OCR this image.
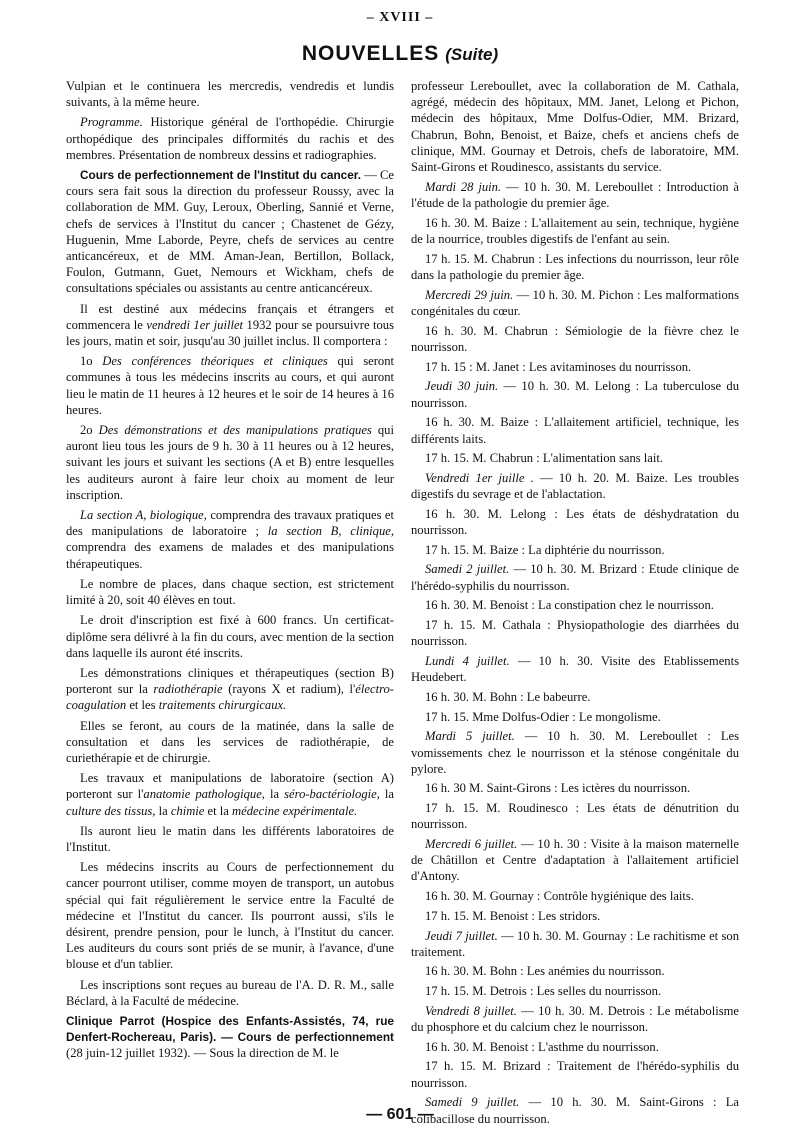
– XVIII –
NOUVELLES (Suite)

Vulpian et le continuera les mercredis, vendredis et lundis suivants, à la même heure.

Programme. Historique général de l'orthopédie. Chirurgie orthopédique des principales difformités du rachis et des membres. Présentation de nombreux dessins et radiographies.

Cours de perfectionnement de l'Institut du cancer. — Ce cours sera fait sous la direction du professeur Roussy, avec la collaboration de MM. Guy, Leroux, Oberling, Sannié et Verne, chefs de services à l'Institut du cancer ; Chastenet de Gézy, Huguenin, Mme Laborde, Peyre, chefs de services au centre anticancéreux, et de MM. Aman-Jean, Bertillon, Bollack, Foulon, Gutmann, Guet, Nemours et Wickham, chefs de consultations spéciales ou assistants au centre anticancéreux.

Il est destiné aux médecins français et étrangers et commencera le vendredi 1er juillet 1932 pour se poursuivre tous les jours, matin et soir, jusqu'au 30 juillet inclus. Il comportera :

1o Des conférences théoriques et cliniques qui seront communes à tous les médecins inscrits au cours, et qui auront lieu le matin de 11 heures à 12 heures et le soir de 14 heures à 16 heures.

2o Des démonstrations et des manipulations pratiques qui auront lieu tous les jours de 9 h. 30 à 11 heures ou à 12 heures, suivant les jours et suivant les sections (A et B) entre lesquelles les auditeurs auront à faire leur choix au moment de leur inscription.

La section A, biologique, comprendra des travaux pratiques et des manipulations de laboratoire ; la section B, clinique, comprendra des examens de malades et des manipulations thérapeutiques.

Le nombre de places, dans chaque section, est strictement limité à 20, soit 40 élèves en tout.

Le droit d'inscription est fixé à 600 francs. Un certificat-diplôme sera délivré à la fin du cours, avec mention de la section dans laquelle ils auront été inscrits.

Les démonstrations cliniques et thérapeutiques (section B) porteront sur la radiothérapie (rayons X et radium), l'électro-coagulation et les traitements chirurgicaux.

Elles se feront, au cours de la matinée, dans la salle de consultation et dans les services de radiothérapie, de curiethérapie et de chirurgie.

Les travaux et manipulations de laboratoire (section A) porteront sur l'anatomie pathologique, la séro-bactériologie, la culture des tissus, la chimie et la médecine expérimentale.

Ils auront lieu le matin dans les différents laboratoires de l'Institut.

Les médecins inscrits au Cours de perfectionnement du cancer pourront utiliser, comme moyen de transport, un autobus spécial qui fait régulièrement le service entre la Faculté de médecine et l'Institut du cancer. Ils pourront aussi, s'ils le désirent, prendre pension, pour le lunch, à l'Institut du cancer. Les auditeurs du cours sont priés de se munir, à l'avance, d'une blouse et d'un tablier.

Les inscriptions sont reçues au bureau de l'A. D. R. M., salle Béclard, à la Faculté de médecine.

Clinique Parrot (Hospice des Enfants-Assistés, 74, rue Denfert-Rochereau, Paris). — Cours de perfectionnement (28 juin-12 juillet 1932). — Sous la direction de M. le

professeur Lereboullet, avec la collaboration de M. Cathala, agrégé, médecin des hôpitaux, MM. Janet, Lelong et Pichon, médecin des hôpitaux, Mme Dolfus-Odier, MM. Brizard, Chabrun, Bohn, Benoist, et Baize, chefs et anciens chefs de clinique, MM. Gournay et Detrois, chefs de laboratoire, MM. Saint-Girons et Roudinesco, assistants du service.

Mardi 28 juin. — 10 h. 30. M. Lereboullet : Introduction à l'étude de la pathologie du premier âge.

16 h. 30. M. Baize : L'allaitement au sein, technique, hygiène de la nourrice, troubles digestifs de l'enfant au sein.

17 h. 15. M. Chabrun : Les infections du nourrisson, leur rôle dans la pathologie du premier âge.

Mercredi 29 juin. — 10 h. 30. M. Pichon : Les malformations congénitales du cœur.

16 h. 30. M. Chabrun : Sémiologie de la fièvre chez le nourrisson.

17 h. 15 : M. Janet : Les avitaminoses du nourrisson.

Jeudi 30 juin. — 10 h. 30. M. Lelong : La tuberculose du nourrisson.

16 h. 30. M. Baize : L'allaitement artificiel, technique, les différents laits.

17 h. 15. M. Chabrun : L'alimentation sans lait.

Vendredi 1er juille . — 10 h. 20. M. Baize. Les troubles digestifs du sevrage et de l'ablactation.

16 h. 30. M. Lelong : Les états de déshydratation du nourrisson.

17 h. 15. M. Baize : La diphtérie du nourrisson.

Samedi 2 juillet. — 10 h. 30. M. Brizard : Etude clinique de l'hérédo-syphilis du nourrisson.

16 h. 30. M. Benoist : La constipation chez le nourrisson.

17 h. 15. M. Cathala : Physiopathologie des diarrhées du nourrisson.

Lundi 4 juillet. — 10 h. 30. Visite des Etablissements Heudebert.

16 h. 30. M. Bohn : Le babeurre.

17 h. 15. Mme Dolfus-Odier : Le mongolisme.

Mardi 5 juillet. — 10 h. 30. M. Lereboullet : Les vomissements chez le nourrisson et la sténose congénitale du pylore.

16 h. 30 M. Saint-Girons : Les ictères du nourrisson.

17 h. 15. M. Roudinesco : Les états de dénutrition du nourrisson.

Mercredi 6 juillet. — 10 h. 30 : Visite à la maison maternelle de Châtillon et Centre d'adaptation à l'allaitement artificiel d'Antony.

16 h. 30. M. Gournay : Contrôle hygiénique des laits.

17 h. 15. M. Benoist : Les stridors.

Jeudi 7 juillet. — 10 h. 30. M. Gournay : Le rachitisme et son traitement.

16 h. 30. M. Bohn : Les anémies du nourrisson.

17 h. 15. M. Detrois : Les selles du nourrisson.

Vendredi 8 juillet. — 10 h. 30. M. Detrois : Le métabolisme du phosphore et du calcium chez le nourrisson.

16 h. 30. M. Benoist : L'asthme du nourrisson.

17 h. 15. M. Brizard : Traitement de l'hérédo-syphilis du nourrisson.

Samedi 9 juillet. — 10 h. 30. M. Saint-Girons : La colibacillose du nourrisson.

— 601 —
